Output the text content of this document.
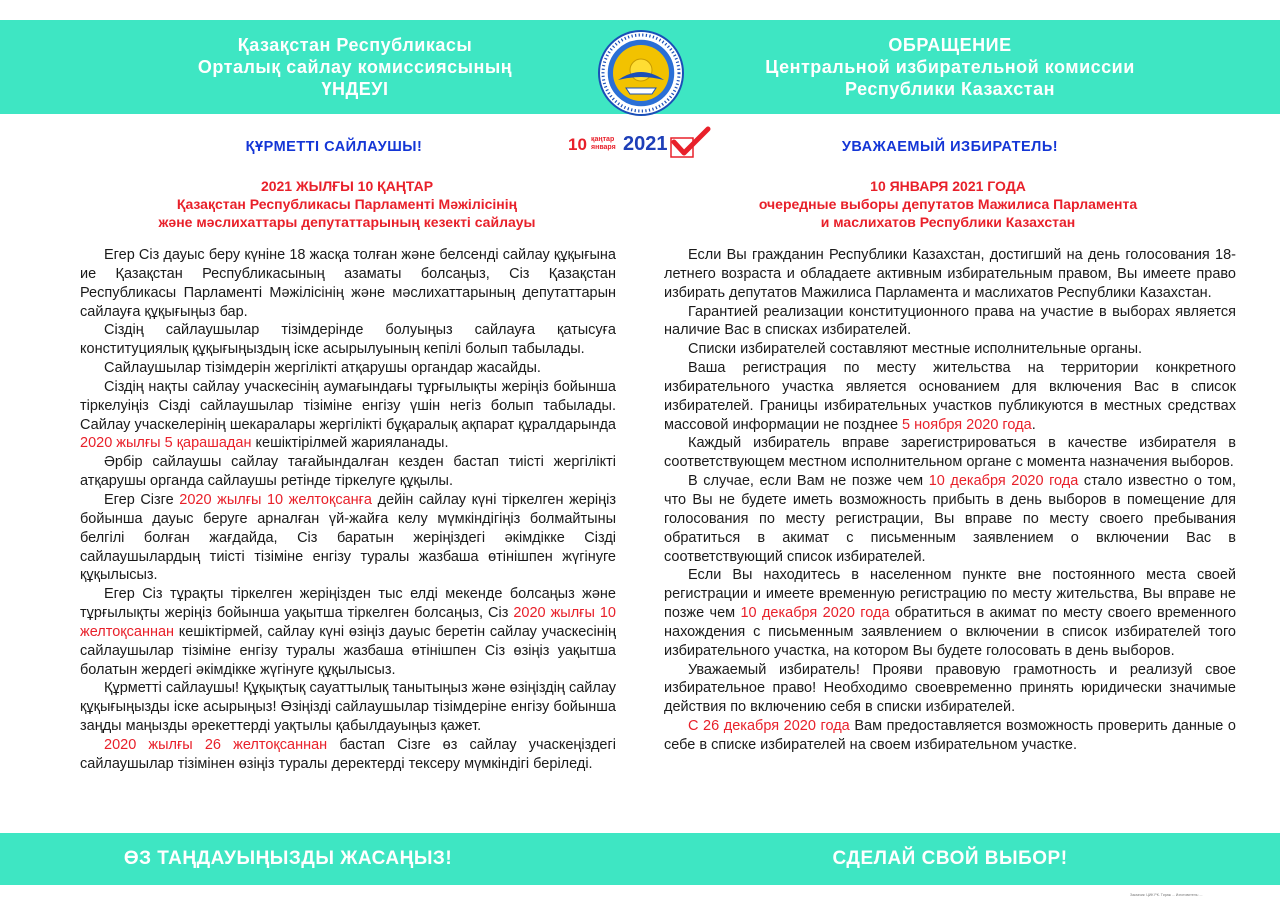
Қазақстан Республикасы
Орталық сайлау комиссиясының
ҮНДЕУІ
ОБРАЩЕНИЕ
Центральной избирательной комиссии
Республики Казахстан
ҚҰРМЕТТІ САЙЛАУШЫ!	УВАЖАЕМЫЙ ИЗБИРАТЕЛЬ!
10 қаңтар
января 2021
2021 ЖЫЛҒЫ 10 ҚАҢТАР
Қазақстан Республикасы Парламенті Мәжілісінің
және мәслихаттары депутаттарының кезекті сайлауы
10 ЯНВАРЯ 2021 ГОДА
очередные выборы депутатов Мажилиса Парламента
и маслихатов Республики Казахстан

Егер Сіз дауыс беру күніне 18 жасқа толған және белсенді сайлау құқығына ие Қазақстан Республикасының азаматы болсаңыз, Сіз Қазақстан Республикасы Парламенті Мәжілісінің және мәслихаттарының депутаттарын сайлауға құқығыңыз бар.

Сіздің сайлаушылар тізімдерінде болуыңыз сайлауға қатысуға конституциялық құқығыңыздың іске асырылуының кепілі болып табылады.

Сайлаушылар тізімдерін жергілікті атқарушы органдар жасайды.

Сіздің нақты сайлау учаскесінің аумағындағы тұрғылықты жеріңіз бойынша тіркелуіңіз Сізді сайлаушылар тізіміне енгізу үшін негіз болып табылады. Сайлау учаскелерінің шекаралары жергілікті бұқаралық ақпарат құралдарында 2020 жылғы 5 қарашадан кешіктірілмей жарияланады.

Әрбір сайлаушы сайлау тағайындалған кезден бастап тиісті жергілікті атқарушы органда сайлаушы ретінде тіркелуге құқылы.

Егер Сізге 2020 жылғы 10 желтоқсанға дейін сайлау күні тіркелген жеріңіз бойынша дауыс беруге арналған үй-жайға келу мүмкіндігіңіз болмайтыны белгілі болған жағдайда, Сіз баратын жеріңіздегі әкімдікке Сізді сайлаушылардың тиісті тізіміне енгізу туралы жазбаша өтінішпен жүгінуге құқылысыз.

Егер Сіз тұрақты тіркелген жеріңізден тыс елді мекенде болсаңыз және тұрғылықты жеріңіз бойынша уақытша тіркелген болсаңыз, Сіз 2020 жылғы 10 желтоқсаннан кешіктірмей, сайлау күні өзіңіз дауыс беретін сайлау учаскесінің сайлаушылар тізіміне енгізу туралы жазбаша өтінішпен Сіз өзіңіз уақытша болатын жердегі әкімдікке жүгінуге құқылысыз.

Құрметті сайлаушы! Құқықтық сауаттылық танытыңыз және өзіңіздің сайлау құқығыңызды іске асырыңыз! Өзіңізді сайлаушылар тізімдеріне енгізу бойынша заңды маңызды әрекеттерді уақтылы қабылдауыңыз қажет.

2020 жылғы 26 желтоқсаннан бастап Сізге өз сайлау учаскеңіздегі сайлаушылар тізімінен өзіңіз туралы деректерді тексеру мүмкіндігі беріледі.

Если Вы гражданин Республики Казахстан, достигший на день голосования 18-летнего возраста и обладаете активным избирательным правом, Вы имеете право избирать депутатов Мажилиса Парламента и маслихатов Республики Казахстан.

Гарантией реализации конституционного права на участие в выборах является наличие Вас в списках избирателей.

Списки избирателей составляют местные исполнительные органы.

Ваша регистрация по месту жительства на территории конкретного избирательного участка является основанием для включения Вас в список избирателей. Границы избирательных участков публикуются в местных средствах массовой информации не позднее 5 ноября 2020 года.

Каждый избиратель вправе зарегистрироваться в качестве избирателя в соответствующем местном исполнительном органе с момента назначения выборов.

В случае, если Вам не позже чем 10 декабря 2020 года стало известно о том, что Вы не будете иметь возможность прибыть в день выборов в помещение для голосования по месту регистрации, Вы вправе по месту своего пребывания обратиться в акимат с письменным заявлением о включении Вас в соответствующий список избирателей.

Если Вы находитесь в населенном пункте вне постоянного места своей регистрации и имеете временную регистрацию по месту жительства, Вы вправе не позже чем 10 декабря 2020 года обратиться в акимат по месту своего временного нахождения с письменным заявлением о включении в список избирателей того избирательного участка, на котором Вы будете голосовать в день выборов.

Уважаемый избиратель! Прояви правовую грамотность и реализуй свое избирательное право! Необходимо своевременно принять юридически значимые действия по включению себя в списки избирателей.

С 26 декабря 2020 года Вам предоставляется возможность проверить данные о себе в списке избирателей на своем избирательном участке.

ӨЗ ТАҢДАУЫҢЫЗДЫ ЖАСАҢЫЗ!	СДЕЛАЙ СВОЙ ВЫБОР!
Заказчик: ЦИК РК. Тираж ... Изготовитель: ...
